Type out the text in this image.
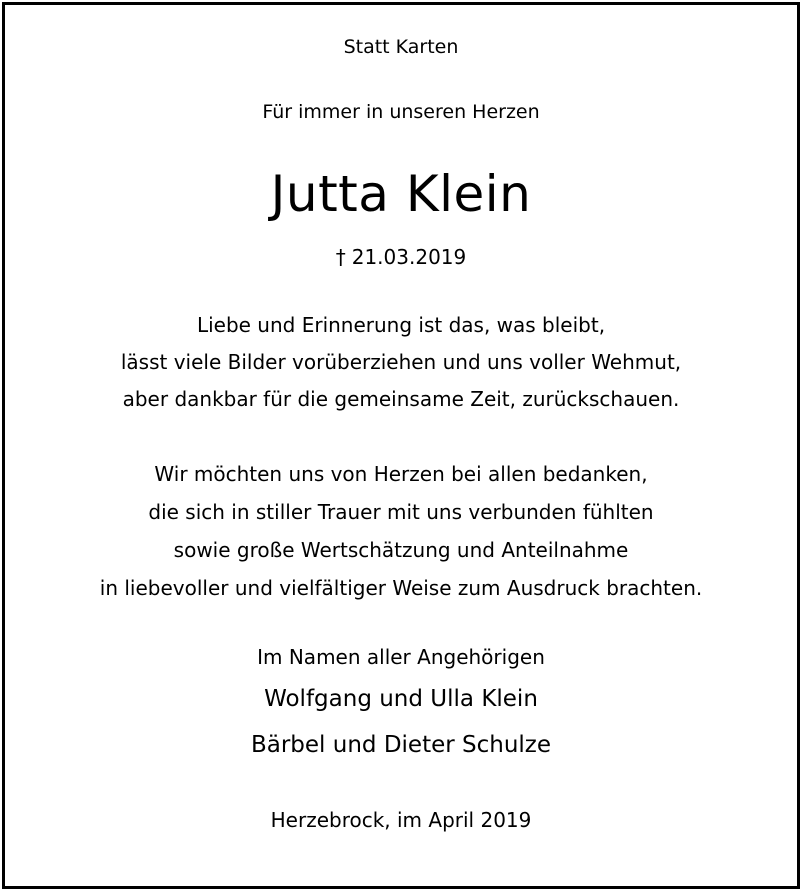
Statt Karten

Für immer in unseren Herzen

Jutta Klein

† 21.03.2019

Liebe und Erinnerung ist das, was bleibt,

lässt viele Bilder vorüberziehen und uns voller Wehmut,

aber dankbar für die gemeinsame Zeit, zurückschauen.

Wir möchten uns von Herzen bei allen bedanken,

die sich in stiller Trauer mit uns verbunden fühlten

sowie große Wertschätzung und Anteilnahme

in liebevoller und vielfältiger Weise zum Ausdruck brachten.

Im Namen aller Angehörigen

Wolfgang und Ulla Klein

Bärbel und Dieter Schulze

Herzebrock, im April 2019
